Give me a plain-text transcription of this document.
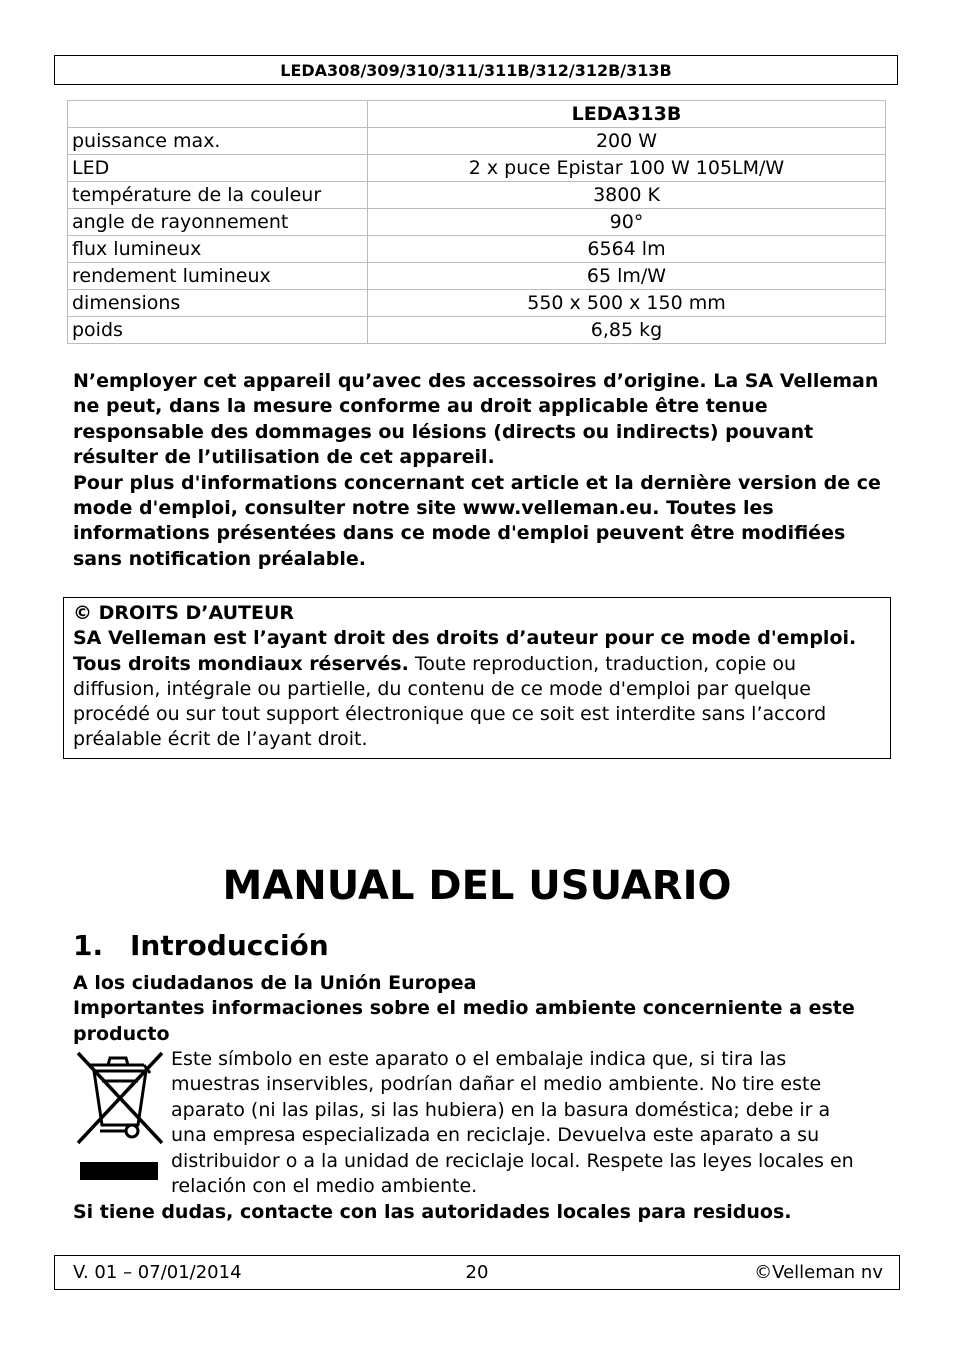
LEDA308/309/310/311/311B/312/312B/313B
	LEDA313B
puissance max.	200 W
LED	2 x puce Epistar 100 W 105LM/W
température de la couleur	3800 K
angle de rayonnement	90°
flux lumineux	6564 lm
rendement lumineux	65 lm/W
dimensions	550 x 500 x 150 mm
poids	6,85 kg

N’employer cet appareil qu’avec des accessoires d’origine. La SA Velleman ne peut, dans la mesure conforme au droit applicable être tenue responsable des dommages ou lésions (directs ou indirects) pouvant résulter de l’utilisation de cet appareil.

Pour plus d'informations concernant cet article et la dernière version de ce mode d'emploi, consulter notre site www.velleman.eu. Toutes les informations présentées dans ce mode d'emploi peuvent être modifiées sans notification préalable.

© DROITS D’AUTEUR

SA Velleman est l’ayant droit des droits d’auteur pour ce mode d'emploi. Tous droits mondiaux réservés. Toute reproduction, traduction, copie ou diffusion, intégrale ou partielle, du contenu de ce mode d'emploi par quelque procédé ou sur tout support électronique que ce soit est interdite sans l’accord préalable écrit de l’ayant droit.

MANUAL DEL USUARIO
1. Introducción

A los ciudadanos de la Unión Europea

Importantes informaciones sobre el medio ambiente concerniente a este producto

Este símbolo en este aparato o el embalaje indica que, si tira las muestras inservibles, podrían dañar el medio ambiente. No tire este aparato (ni las pilas, si las hubiera) en la basura doméstica; debe ir a una empresa especializada en reciclaje. Devuelva este aparato a su distribuidor o a la unidad de reciclaje local. Respete las leyes locales en relación con el medio ambiente.

Si tiene dudas, contacte con las autoridades locales para residuos.

V. 01 – 07/01/2014	20	©Velleman nv
